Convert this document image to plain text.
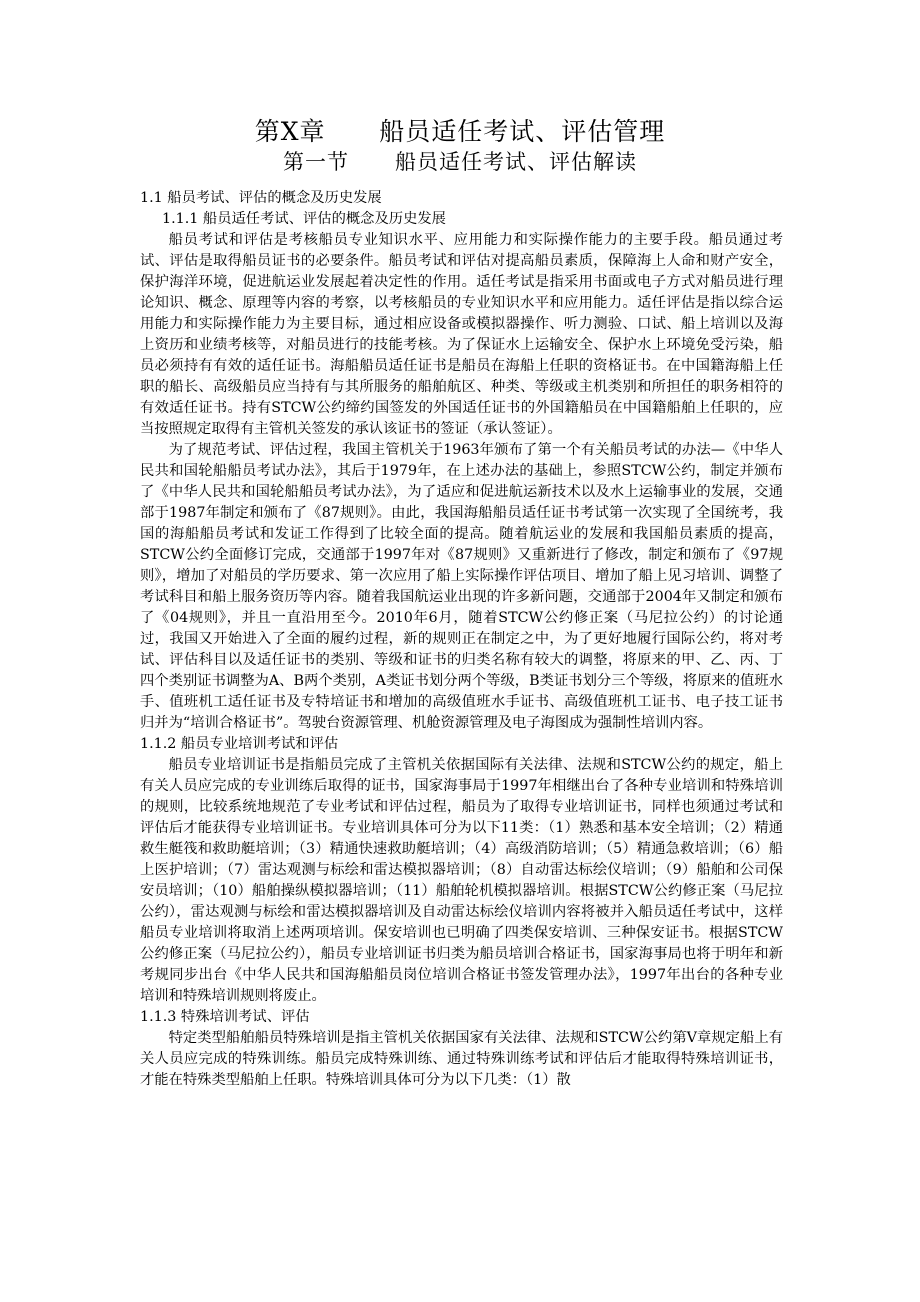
第Ⅹ章      船员适任考试、评估管理
第一节      船员适任考试、评估解读

1.1 船员考试、评估的概念及历史发展

1.1.1 船员适任考试、评估的概念及历史发展

船员考试和评估是考核船员专业知识水平、应用能力和实际操作能力的主要手段。船员通过考试、评估是取得船员证书的必要条件。船员考试和评估对提高船员素质，保障海上人命和财产安全，保护海洋环境，促进航运业发展起着决定性的作用。适任考试是指采用书面或电子方式对船员进行理论知识、概念、原理等内容的考察，以考核船员的专业知识水平和应用能力。适任评估是指以综合运用能力和实际操作能力为主要目标，通过相应设备或模拟器操作、听力测验、口试、船上培训以及海上资历和业绩考核等，对船员进行的技能考核。为了保证水上运输安全、保护水上环境免受污染，船员必须持有有效的适任证书。海船船员适任证书是船员在海船上任职的资格证书。在中国籍海船上任职的船长、高级船员应当持有与其所服务的船舶航区、种类、等级或主机类别和所担任的职务相符的有效适任证书。持有STCW公约缔约国签发的外国适任证书的外国籍船员在中国籍船舶上任职的，应当按照规定取得有主管机关签发的承认该证书的签证（承认签证）。

为了规范考试、评估过程，我国主管机关于1963年颁布了第一个有关船员考试的办法—《中华人民共和国轮船船员考试办法》，其后于1979年，在上述办法的基础上，参照STCW公约，制定并颁布了《中华人民共和国轮船船员考试办法》，为了适应和促进航运新技术以及水上运输事业的发展，交通部于1987年制定和颁布了《87规则》。由此，我国海船船员适任证书考试第一次实现了全国统考，我国的海船船员考试和发证工作得到了比较全面的提高。随着航运业的发展和我国船员素质的提高，STCW公约全面修订完成，交通部于1997年对《87规则》又重新进行了修改，制定和颁布了《97规则》，增加了对船员的学历要求、第一次应用了船上实际操作评估项目、增加了船上见习培训、调整了考试科目和船上服务资历等内容。随着我国航运业出现的许多新问题，交通部于2004年又制定和颁布了《04规则》，并且一直沿用至今。2010年6月，随着STCW公约修正案（马尼拉公约）的讨论通过，我国又开始进入了全面的履约过程，新的规则正在制定之中，为了更好地履行国际公约，将对考试、评估科目以及适任证书的类别、等级和证书的归类名称有较大的调整，将原来的甲、乙、丙、丁四个类别证书调整为A、B两个类别，A类证书划分两个等级，B类证书划分三个等级，将原来的值班水手、值班机工适任证书及专特培证书和增加的高级值班水手证书、高级值班机工证书、电子技工证书归并为“培训合格证书”。驾驶台资源管理、机舱资源管理及电子海图成为强制性培训内容。

1.1.2 船员专业培训考试和评估

船员专业培训证书是指船员完成了主管机关依据国际有关法律、法规和STCW公约的规定，船上有关人员应完成的专业训练后取得的证书，国家海事局于1997年相继出台了各种专业培训和特殊培训的规则，比较系统地规范了专业考试和评估过程，船员为了取得专业培训证书，同样也须通过考试和评估后才能获得专业培训证书。专业培训具体可分为以下11类：（1）熟悉和基本安全培训；（2）精通救生艇筏和救助艇培训；（3）精通快速救助艇培训；（4）高级消防培训；（5）精通急救培训；（6）船上医护培训；（7）雷达观测与标绘和雷达模拟器培训；（8）自动雷达标绘仪培训；（9）船舶和公司保安员培训；（10）船舶操纵模拟器培训；（11）船舶轮机模拟器培训。根据STCW公约修正案（马尼拉公约），雷达观测与标绘和雷达模拟器培训及自动雷达标绘仪培训内容将被并入船员适任考试中，这样船员专业培训将取消上述两项培训。保安培训也已明确了四类保安培训、三种保安证书。根据STCW公约修正案（马尼拉公约），船员专业培训证书归类为船员培训合格证书，国家海事局也将于明年和新考规同步出台《中华人民共和国海船船员岗位培训合格证书签发管理办法》，1997年出台的各种专业培训和特殊培训规则将废止。

1.1.3 特殊培训考试、评估

特定类型船舶船员特殊培训是指主管机关依据国家有关法律、法规和STCW公约第Ⅴ章规定船上有关人员应完成的特殊训练。船员完成特殊训练、通过特殊训练考试和评估后才能取得特殊培训证书，才能在特殊类型船舶上任职。特殊培训具体可分为以下几类：（1）散
